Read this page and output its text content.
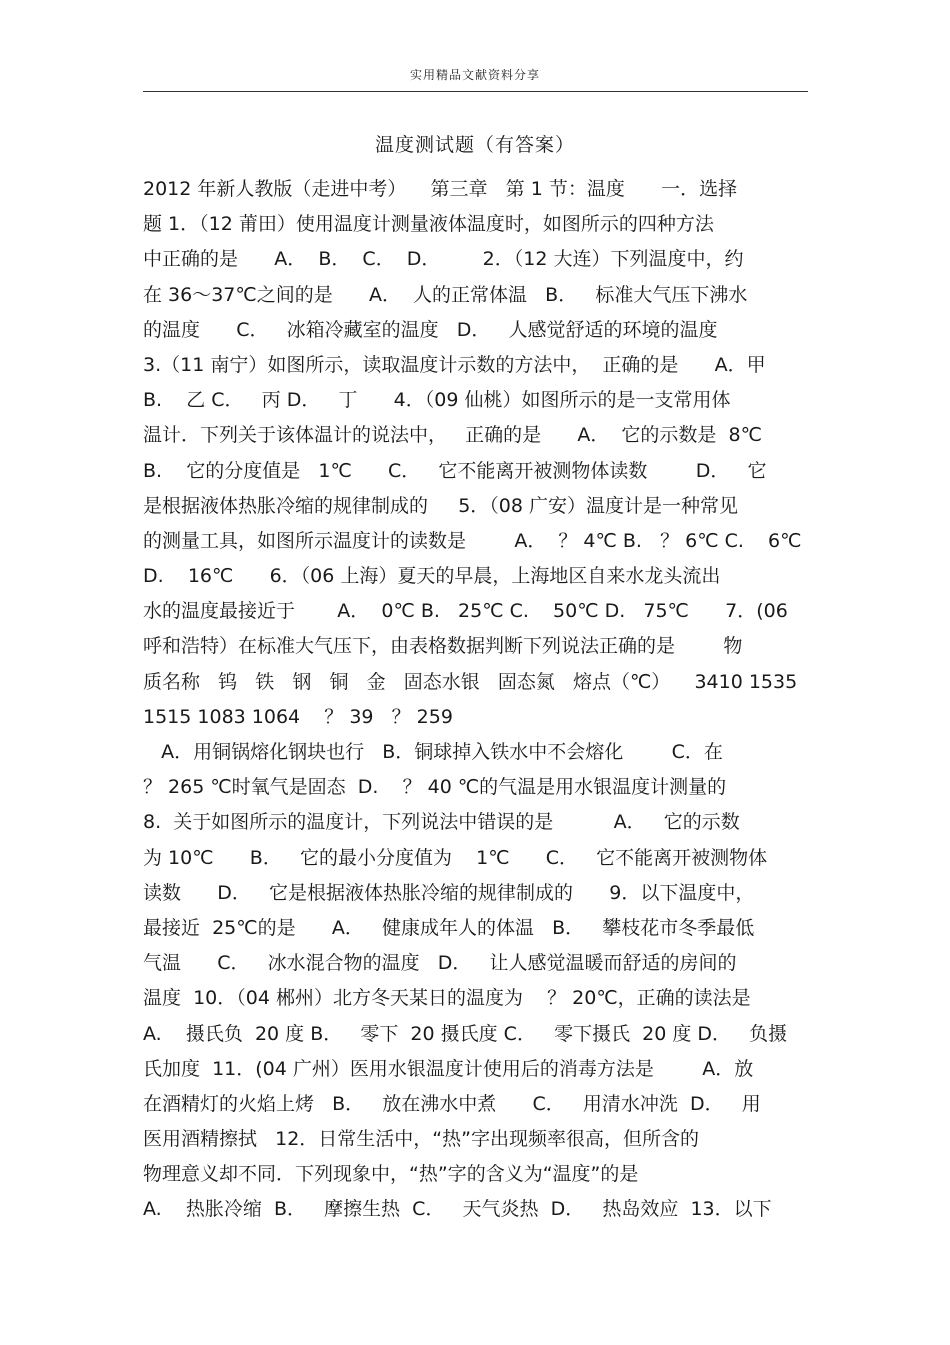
实用精品文献资料分享
温度测试题（有答案）
2012 年新人教版（走进中考）    第三章   第 1 节：温度      一．选择
题 1．（12 莆田）使用温度计测量液体温度时，如图所示的四种方法
中正确的是      A．  B．  C．  D．       2．（12 大连）下列温度中，约
在 36～37℃之间的是      A．  人的正常体温   B．   标准大气压下沸水
的温度      C．   冰箱冷藏室的温度   D．   人感觉舒适的环境的温度
3.（11 南宁）如图所示，读取温度计示数的方法中，  正确的是      A．甲
B.    乙 C．   丙 D．   丁      4．（09 仙桃）如图所示的是一支常用体
温计．下列关于该体温计的说法中，   正确的是      A．  它的示数是  8℃
B.    它的分度值是   1℃      C．   它不能离开被测物体读数        D．   它
是根据液体热胀冷缩的规律制成的     5．（08 广安）温度计是一种常见
的测量工具，如图所示温度计的读数是        A．  ？ 4℃ B.   ？ 6℃ C.    6℃
D.    16℃      6．（06 上海）夏天的早晨，上海地区自来水龙头流出
水的温度最接近于       A．  0℃ B.   25℃ C.    50℃ D.   75℃      7．(06
呼和浩特）在标准大气压下，由表格数据判断下列说法正确的是        物
质名称   钨   铁   钢   铜   金   固态水银   固态氮   熔点（℃）    3410 1535
1515 1083 1064    ？ 39   ？ 259
A．用铜锅熔化钢块也行   B．铜球掉入铁水中不会熔化        C．在
？ 265 ℃时氧气是固态  D.    ？ 40 ℃的气温是用水银温度计测量的
8.  关于如图所示的温度计，下列说法中错误的是          A．   它的示数
为 10℃      B．   它的最小分度值为    1℃      C．   它不能离开被测物体
读数      D．   它是根据液体热胀冷缩的规律制成的      9．以下温度中，
最接近  25℃的是      A．   健康成年人的体温   B．   攀枝花市冬季最低
气温      C．   冰水混合物的温度   D．   让人感觉温暖而舒适的房间的
温度  10．（04 郴州）北方冬天某日的温度为    ？ 20℃，正确的读法是
A.    摄氏负  20 度 B．   零下  20 摄氏度 C．   零下摄氏  20 度 D．   负摄
氏加度  11．(04 广州）医用水银温度计使用后的消毒方法是        A．放
在酒精灯的火焰上烤   B．   放在沸水中煮      C．   用清水冲洗  D．   用
医用酒精擦拭   12．日常生活中，“热”字出现频率很高，但所含的
物理意义却不同．下列现象中，“热”字的含义为“温度”的是
A.    热胀冷缩  B．   摩擦生热  C．   天气炎热  D．   热岛效应  13．以下
